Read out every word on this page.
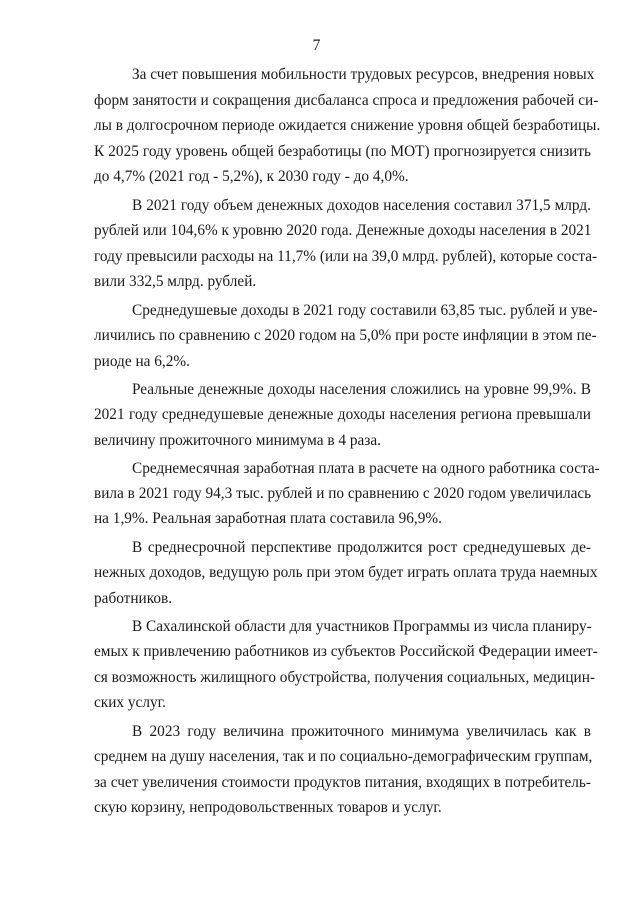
7
За счет повышения мобильности трудовых ресурсов, внедрения новых
форм занятости и сокращения дисбаланса спроса и предложения рабочей си-
лы в долгосрочном периоде ожидается снижение уровня общей безработицы.
К 2025 году уровень общей безработицы (по МОТ) прогнозируется снизить
до 4,7% (2021 год - 5,2%), к 2030 году - до 4,0%.
В 2021 году объем денежных доходов населения составил 371,5 млрд.
рублей или 104,6% к уровню 2020 года. Денежные доходы населения в 2021
году превысили расходы на 11,7% (или на 39,0 млрд. рублей), которые соста-
вили 332,5 млрд. рублей.
Среднедушевые доходы в 2021 году составили 63,85 тыс. рублей и уве-
личились по сравнению с 2020 годом на 5,0% при росте инфляции в этом пе-
риоде на 6,2%.
Реальные денежные доходы населения сложились на уровне 99,9%. В
2021 году среднедушевые денежные доходы населения региона превышали
величину прожиточного минимума в 4 раза.
Среднемесячная заработная плата в расчете на одного работника соста-
вила в 2021 году 94,3 тыс. рублей и по сравнению с 2020 годом увеличилась
на 1,9%. Реальная заработная плата составила 96,9%.
В среднесрочной перспективе продолжится рост среднедушевых де-
нежных доходов, ведущую роль при этом будет играть оплата труда наемных
работников.
В Сахалинской области для участников Программы из числа планиру-
емых к привлечению работников из субъектов Российской Федерации имеет-
ся возможность жилищного обустройства, получения социальных, медицин-
ских услуг.
В 2023 году величина прожиточного минимума увеличилась как в
среднем на душу населения, так и по социально-демографическим группам,
за счет увеличения стоимости продуктов питания, входящих в потребитель-
скую корзину, непродовольственных товаров и услуг.
